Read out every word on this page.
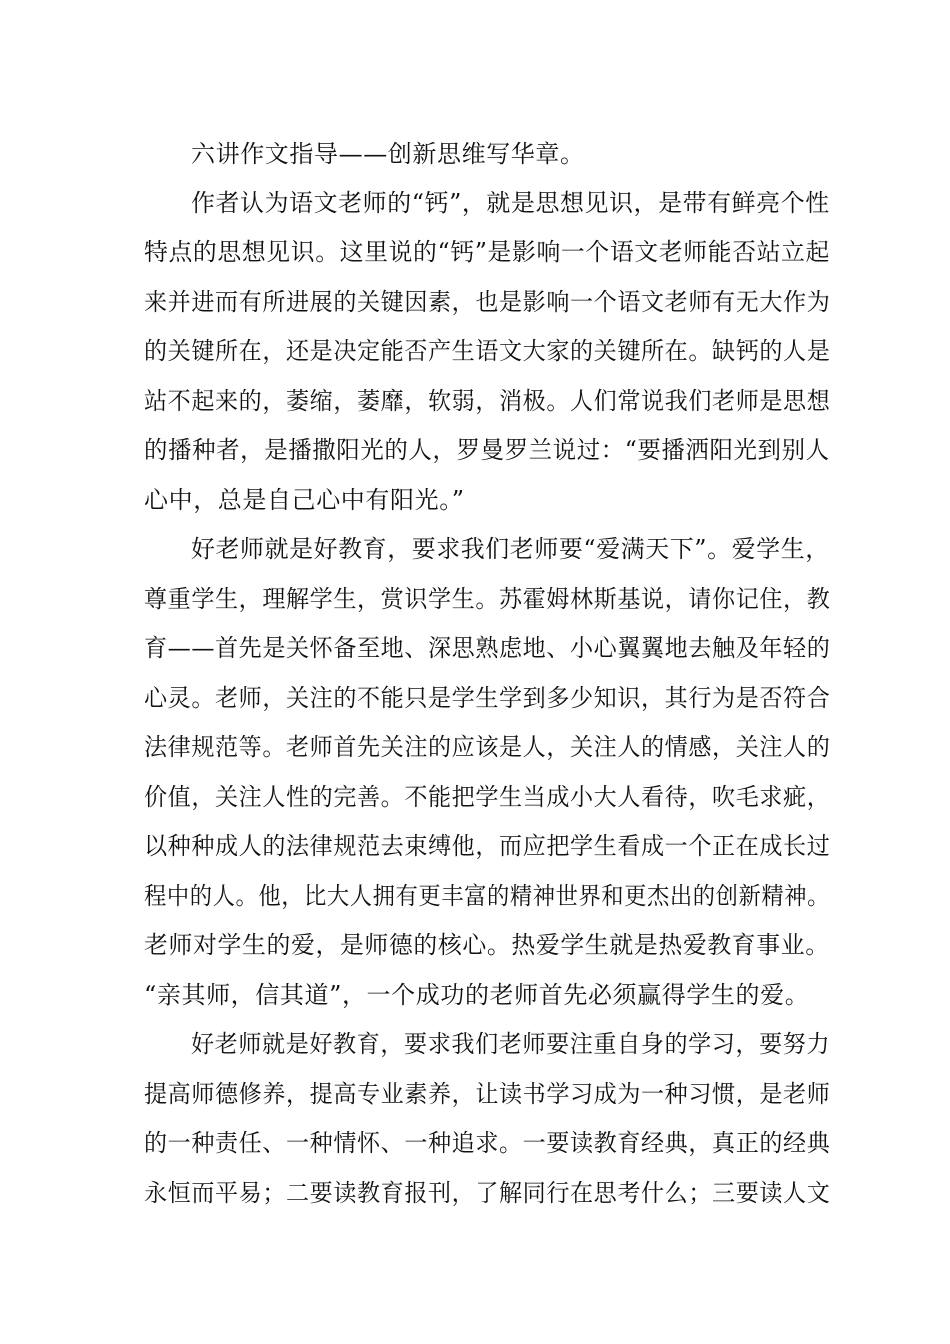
六讲作文指导——创新思维写华章。
作者认为语文老师的“钙”，就是思想见识，是带有鲜亮个性
特点的思想见识。这里说的“钙”是影响一个语文老师能否站立起
来并进而有所进展的关键因素，也是影响一个语文老师有无大作为
的关键所在，还是决定能否产生语文大家的关键所在。缺钙的人是
站不起来的，萎缩，萎靡，软弱，消极。人们常说我们老师是思想
的播种者，是播撒阳光的人，罗曼罗兰说过：“要播洒阳光到别人
心中，总是自己心中有阳光。”
好老师就是好教育，要求我们老师要“爱满天下”。爱学生，
尊重学生，理解学生，赏识学生。苏霍姆林斯基说，请你记住，教
育——首先是关怀备至地、深思熟虑地、小心翼翼地去触及年轻的
心灵。老师，关注的不能只是学生学到多少知识，其行为是否符合
法律规范等。老师首先关注的应该是人，关注人的情感，关注人的
价值，关注人性的完善。不能把学生当成小大人看待，吹毛求疵，
以种种成人的法律规范去束缚他，而应把学生看成一个正在成长过
程中的人。他，比大人拥有更丰富的精神世界和更杰出的创新精神。
老师对学生的爱，是师德的核心。热爱学生就是热爱教育事业。
“亲其师，信其道”，一个成功的老师首先必须赢得学生的爱。
好老师就是好教育，要求我们老师要注重自身的学习，要努力
提高师德修养，提高专业素养，让读书学习成为一种习惯，是老师
的一种责任、一种情怀、一种追求。一要读教育经典，真正的经典
永恒而平易；二要读教育报刊，了解同行在思考什么；三要读人文
